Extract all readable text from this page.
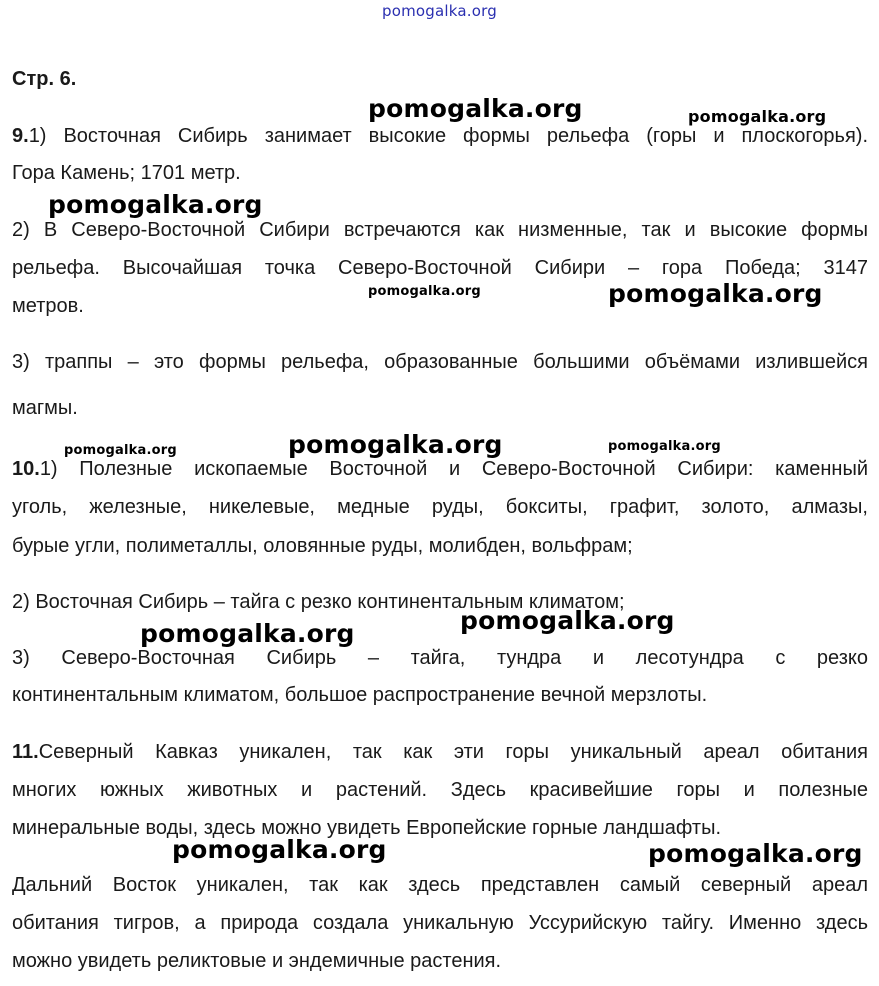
pomogalka.org
Стр. 6.
9.1) Восточная Сибирь занимает высокие формы рельефа (горы и плоскогорья).
Гора Камень; 1701 метр.
2) В Северо-Восточной Сибири встречаются как низменные, так и высокие формы
рельефа. Высочайшая точка Северо-Восточной Сибири – гора Победа; 3147
метров.
3) траппы – это формы рельефа, образованные большими объёмами излившейся
магмы.
10.1) Полезные ископаемые Восточной и Северо-Восточной Сибири: каменный
уголь, железные, никелевые, медные руды, бокситы, графит, золото, алмазы,
бурые угли, полиметаллы, оловянные руды, молибден, вольфрам;
2) Восточная Сибирь – тайга с резко континентальным климатом;
3) Северо-Восточная Сибирь – тайга, тундра и лесотундра с резко
континентальным климатом, большое распространение вечной мерзлоты.
11.Северный Кавказ уникален, так как эти горы уникальный ареал обитания
многих южных животных и растений. Здесь красивейшие горы и полезные
минеральные воды, здесь можно увидеть Европейские горные ландшафты.
Дальний Восток уникален, так как здесь представлен самый северный ареал
обитания тигров, а природа создала уникальную Уссурийскую тайгу. Именно здесь
можно увидеть реликтовые и эндемичные растения.
pomogalka.org	pomogalka.org
pomogalka.org
pomogalka.org	pomogalka.org
pomogalka.org	pomogalka.org	pomogalka.org
pomogalka.org
pomogalka.org
pomogalka.org	pomogalka.org
